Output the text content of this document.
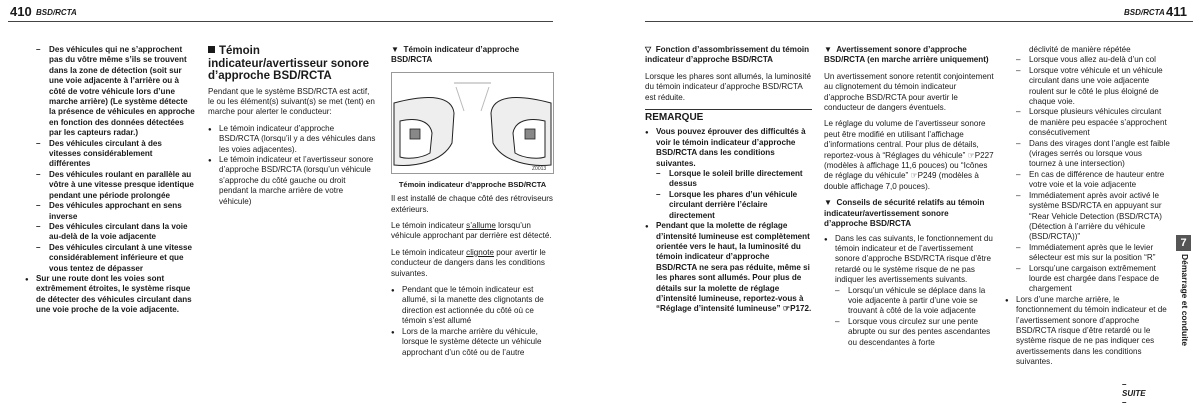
410 BSD/RCTA
– Des véhicules qui ne s’approchent pas du vôtre même s’ils se trouvent dans la zone de détection (soit sur une voie adjacente à l’arrière ou à côté de votre véhicule lors d’une marche arrière) (Le système détecte la présence de véhicules en approche en fonction des données détectées par les capteurs radar.)
– Des véhicules circulant à des vitesses considérablement différentes
– Des véhicules roulant en parallèle au vôtre à une vitesse presque identique pendant une période prolongée
– Des véhicules approchant en sens inverse
– Des véhicules circulant dans la voie au-delà de la voie adjacente
– Des véhicules circulant à une vitesse considérablement inférieure et que vous tentez de dépasser
● Sur une route dont les voies sont extrêmement étroites, le système risque de détecter des véhicules circulant dans une voie proche de la voie adjacente.
Témoin indicateur/avertisseur sonore d’approche BSD/RCTA

Pendant que le système BSD/RCTA est actif, le ou les élément(s) suivant(s) se met (tent) en marche pour alerter le conducteur:

● Le témoin indicateur d’approche BSD/RCTA (lorsqu’il y a des véhicules dans les voies adjacentes).
● Le témoin indicateur et l’avertisseur sonore d’approche BSD/RCTA (lorsqu’un véhicule s’approche du côté gauche ou droit pendant la marche arrière de votre véhicule)
▼  Témoin indicateur d’approche BSD/RCTA
Z0013
Témoin indicateur d’approche BSD/RCTA

Il est installé de chaque côté des rétroviseurs extérieurs.

Le témoin indicateur s’allume lorsqu’un véhicule approchant par derrière est détecté.

Le témoin indicateur clignote pour avertir le conducteur de dangers dans les conditions suivantes.

● Pendant que le témoin indicateur est allumé, si la manette des clignotants de direction est actionnée du côté où ce témoin s’est allumé
● Lors de la marche arrière du véhicule, lorsque le système détecte un véhicule approchant d’un côté ou de l’autre
BSD/RCTA 411
▽  Fonction d’assombrissement du témoin indicateur d’approche BSD/RCTA

Lorsque les phares sont allumés, la luminosité du témoin indicateur d’approche BSD/RCTA est réduite.

REMARQUE
● Vous pouvez éprouver des difficultés à voir le témoin indicateur d’approche BSD/RCTA dans les conditions suivantes.
– Lorsque le soleil brille directement dessus
– Lorsque les phares d’un véhicule circulant derrière l’éclaire directement
● Pendant que la molette de réglage d’intensité lumineuse est complètement orientée vers le haut, la luminosité du témoin indicateur d’approche BSD/RCTA ne sera pas réduite, même si les phares sont allumés. Pour plus de détails sur la molette de réglage d’intensité lumineuse, reportez-vous à “Réglage d’intensité lumineuse” ☞P172.
▼  Avertissement sonore d’approche BSD/RCTA (en marche arrière uniquement)

Un avertissement sonore retentit conjointement au clignotement du témoin indicateur d’approche BSD/RCTA pour avertir le conducteur de dangers éventuels.

Le réglage du volume de l’avertisseur sonore peut être modifié en utilisant l’affichage d’informations central. Pour plus de détails, reportez-vous à “Réglages du véhicule” ☞P227 (modèles à affichage 11,6 pouces) ou “Icônes de réglage du véhicule” ☞P249 (modèles à double affichage 7,0 pouces).

▼  Conseils de sécurité relatifs au témoin indicateur/avertissement sonore d’approche BSD/RCTA
● Dans les cas suivants, le fonctionnement du témoin indicateur et de l’avertissement sonore d’approche BSD/RCTA risque d’être retardé ou le système risque de ne pas indiquer les avertissements suivants.
– Lorsqu’un véhicule se déplace dans la voie adjacente à partir d’une voie se trouvant à côté de la voie adjacente
– Lorsque vous circulez sur une pente abrupte ou sur des pentes ascendantes ou descendantes à forte
déclivité de manière répétée
– Lorsque vous allez au-delà d’un col
– Lorsque votre véhicule et un véhicule circulant dans une voie adjacente roulent sur le côté le plus éloigné de chaque voie.
– Lorsque plusieurs véhicules circulant de manière peu espacée s’approchent consécutivement
– Dans des virages dont l’angle est faible (virages serrés ou lorsque vous tournez à une intersection)
– En cas de différence de hauteur entre votre voie et la voie adjacente
– Immédiatement après avoir activé le système BSD/RCTA en appuyant sur “Rear Vehicle Detection (BSD/RCTA) (Détection à l’arrière du véhicule (BSD/RCTA))”
– Immédiatement après que le levier sélecteur est mis sur la position “R”
– Lorsqu’une cargaison extrêmement lourde est chargée dans l’espace de chargement
● Lors d’une marche arrière, le fonctionnement du témoin indicateur et de l’avertissement sonore d’approche BSD/RCTA risque d’être retardé ou le système risque de ne pas indiquer ces avertissements dans les conditions suivantes.
7
Démarrage et conduite
– SUITE –
